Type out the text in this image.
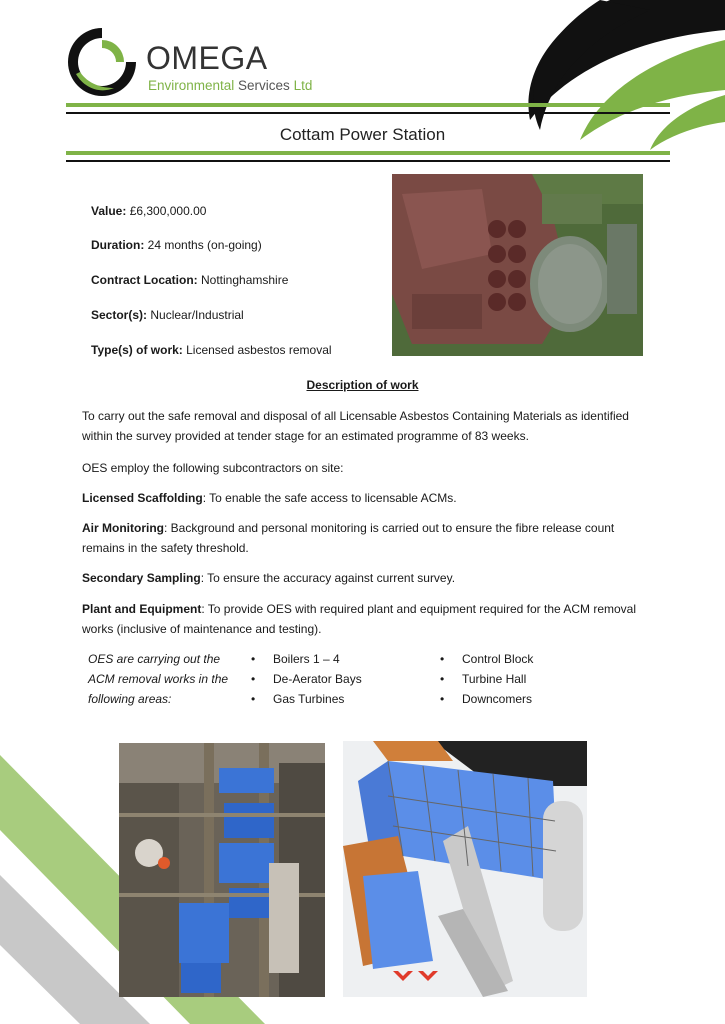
OMEGA
Environmental Services Ltd
Cottam Power Station
Value: £6,300,000.00
Duration: 24 months (on-going)
Contract Location: Nottinghamshire
Sector(s): Nuclear/Industrial
Type(s) of work: Licensed asbestos removal
Description of work
To carry out the safe removal and disposal of all Licensable Asbestos Containing Materials as identified within the survey provided at tender stage for an estimated programme of 83 weeks.
OES employ the following subcontractors on site:
Licensed Scaffolding: To enable the safe access to licensable ACMs.
Air Monitoring: Background and personal monitoring is carried out to ensure the fibre release count remains in the safety threshold.
Secondary Sampling: To ensure the accuracy against current survey.
Plant and Equipment: To provide OES with required plant and equipment required for the ACM removal works (inclusive of maintenance and testing).
OES are carrying out the ACM removal works in the following areas:
• Boilers 1 – 4
• De-Aerator Bays
• Gas Turbines
• Control Block
• Turbine Hall
• Downcomers
